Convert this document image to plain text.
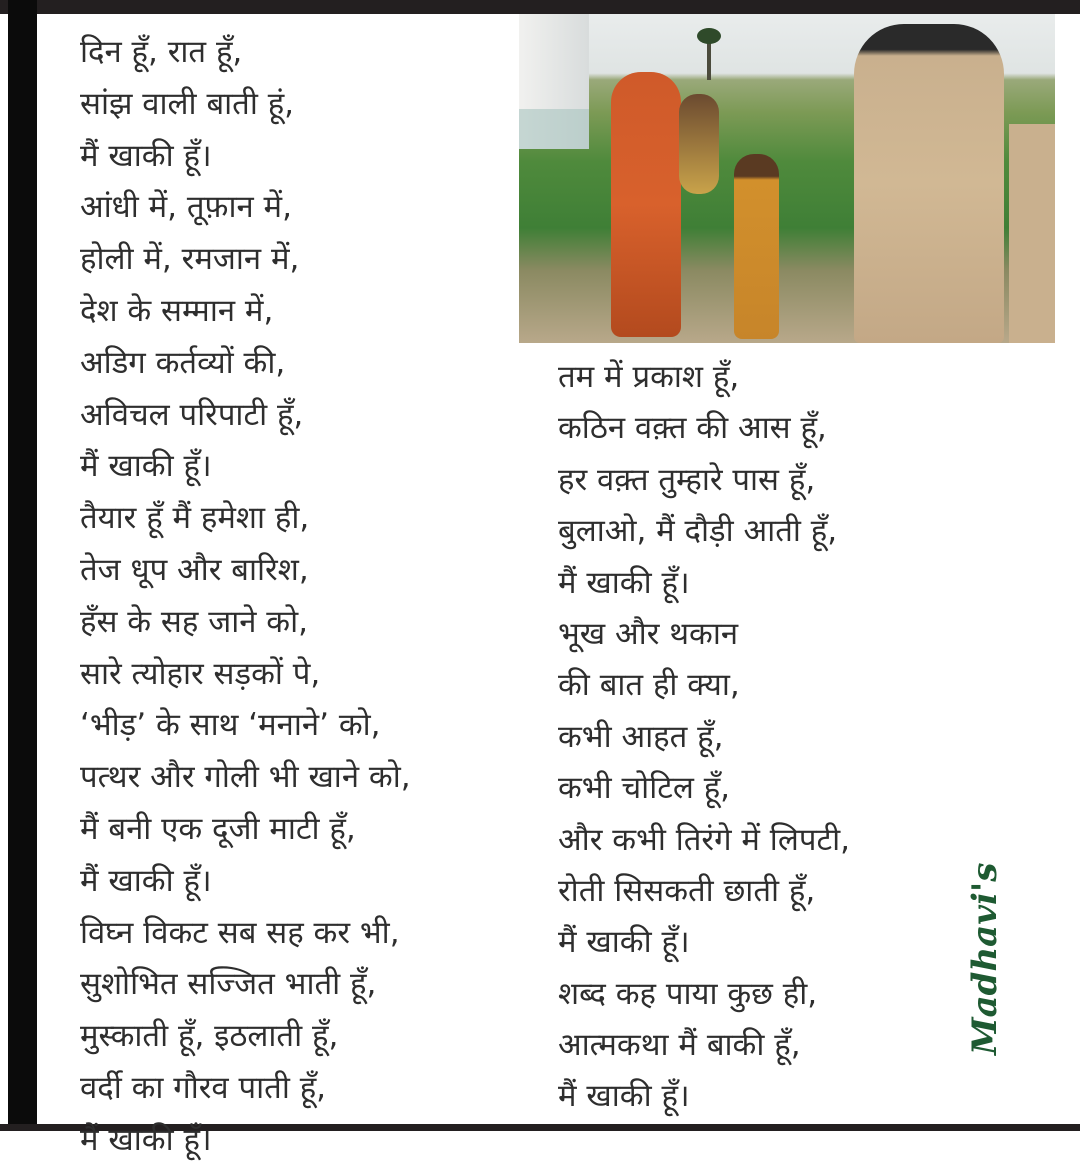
दिन हूँ, रात हूँ,
सांझ वाली बाती हूं,
मैं खाकी हूँ।
आंधी में, तूफ़ान में,
होली में, रमजान में,
देश के सम्मान में,
अडिग कर्तव्यों की,
अविचल परिपाटी हूँ,
मैं खाकी हूँ।
तैयार हूँ मैं हमेशा ही,
तेज धूप और बारिश,
हँस के सह जाने को,
सारे त्योहार सड़कों पे,
‘भीड़’ के साथ ‘मनाने’ को,
पत्थर और गोली भी खाने को,
मैं बनी एक दूजी माटी हूँ,
मैं खाकी हूँ।
विघ्न विकट सब सह कर भी,
सुशोभित सज्जित भाती हूँ,
मुस्काती हूँ, इठलाती हूँ,
वर्दी का गौरव पाती हूँ,
मैं खाकी हूँ।
तम में प्रकाश हूँ,
कठिन वक़्त की आस हूँ,
हर वक़्त तुम्हारे पास हूँ,
बुलाओ, मैं दौड़ी आती हूँ,
मैं खाकी हूँ।
भूख और थकान
की बात ही क्या,
कभी आहत हूँ,
कभी चोटिल हूँ,
और कभी तिरंगे में लिपटी,
रोती सिसकती छाती हूँ,
मैं खाकी हूँ।
शब्द कह पाया कुछ ही,
आत्मकथा मैं बाकी हूँ,
मैं खाकी हूँ।
Madhavi's
